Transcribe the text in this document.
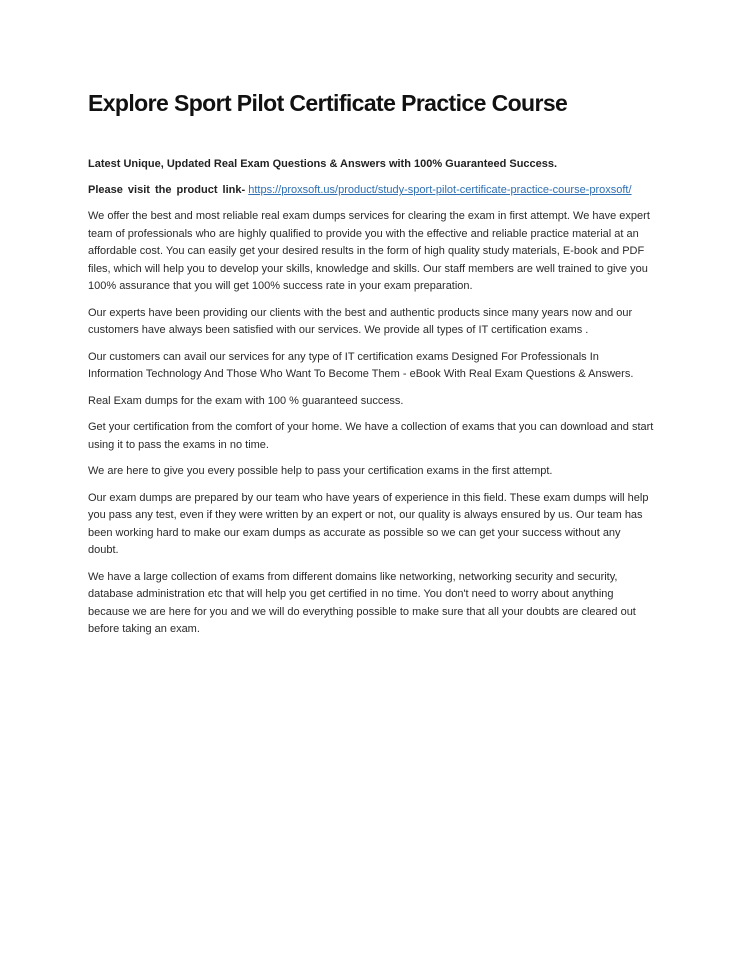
Explore Sport Pilot Certificate Practice Course

Latest Unique, Updated Real Exam Questions & Answers with 100% Guaranteed Success.

Please visit the product link- https://proxsoft.us/product/study-sport-pilot-certificate-practice-course-proxsoft/

We offer the best and most reliable real exam dumps services for clearing the exam in first attempt. We have expert team of professionals who are highly qualified to provide you with the effective and reliable practice material at an affordable cost. You can easily get your desired results in the form of high quality study materials, E-book and PDF files, which will help you to develop your skills, knowledge and skills. Our staff members are well trained to give you 100% assurance that you will get 100% success rate in your exam preparation.

Our experts have been providing our clients with the best and authentic products since many years now and our customers have always been satisfied with our services. We provide all types of IT certification exams .

Our customers can avail our services for any type of IT certification exams Designed For Professionals In Information Technology And Those Who Want To Become Them - eBook With Real Exam Questions & Answers.

Real Exam dumps for the exam with 100 % guaranteed success.

Get your certification from the comfort of your home. We have a collection of exams that you can download and start using it to pass the exams in no time.

We are here to give you every possible help to pass your certification exams in the first attempt.

Our exam dumps are prepared by our team who have years of experience in this field. These exam dumps will help you pass any test, even if they were written by an expert or not, our quality is always ensured by us. Our team has been working hard to make our exam dumps as accurate as possible so we can get your success without any doubt.

We have a large collection of exams from different domains like networking, networking security and security, database administration etc that will help you get certified in no time. You don't need to worry about anything because we are here for you and we will do everything possible to make sure that all your doubts are cleared out before taking an exam.
